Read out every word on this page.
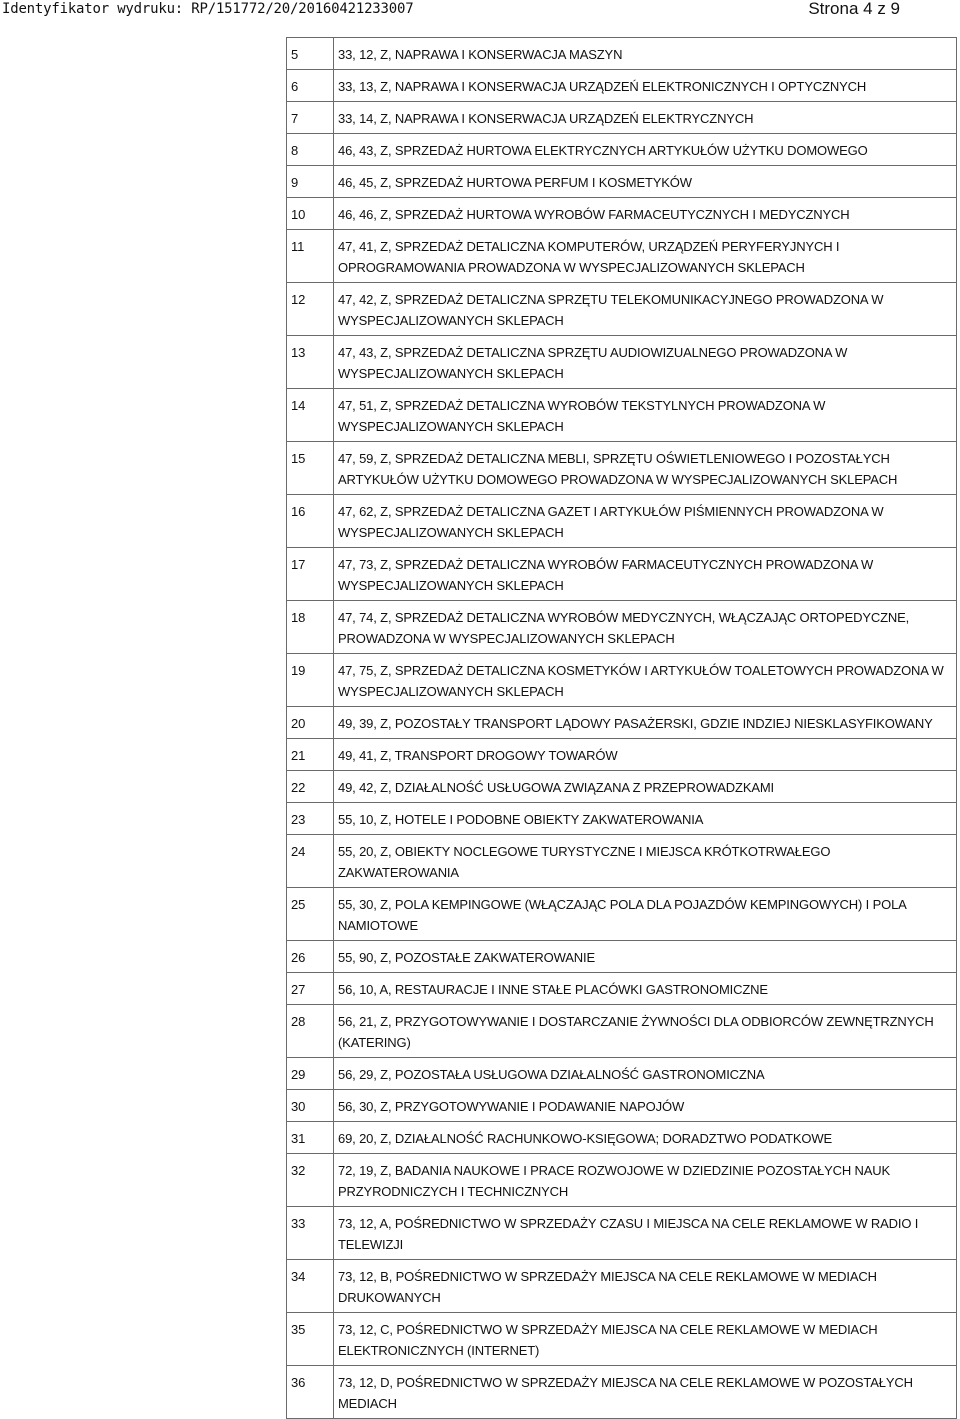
Identyfikator wydruku: RP/151772/20/20160421233007	Strona 4 z 9
5	33, 12, Z, NAPRAWA I KONSERWACJA MASZYN
6	33, 13, Z, NAPRAWA I KONSERWACJA URZĄDZEŃ ELEKTRONICZNYCH I OPTYCZNYCH
7	33, 14, Z, NAPRAWA I KONSERWACJA URZĄDZEŃ ELEKTRYCZNYCH
8	46, 43, Z, SPRZEDAŻ HURTOWA ELEKTRYCZNYCH ARTYKUŁÓW UŻYTKU DOMOWEGO
9	46, 45, Z, SPRZEDAŻ HURTOWA PERFUM I KOSMETYKÓW
10	46, 46, Z, SPRZEDAŻ HURTOWA WYROBÓW FARMACEUTYCZNYCH I MEDYCZNYCH
11	47, 41, Z, SPRZEDAŻ DETALICZNA KOMPUTERÓW, URZĄDZEŃ PERYFERYJNYCH I OPROGRAMOWANIA PROWADZONA W WYSPECJALIZOWANYCH SKLEPACH
12	47, 42, Z, SPRZEDAŻ DETALICZNA SPRZĘTU TELEKOMUNIKACYJNEGO PROWADZONA W WYSPECJALIZOWANYCH SKLEPACH
13	47, 43, Z, SPRZEDAŻ DETALICZNA SPRZĘTU AUDIOWIZUALNEGO PROWADZONA W WYSPECJALIZOWANYCH SKLEPACH
14	47, 51, Z, SPRZEDAŻ DETALICZNA WYROBÓW TEKSTYLNYCH PROWADZONA W WYSPECJALIZOWANYCH SKLEPACH
15	47, 59, Z, SPRZEDAŻ DETALICZNA MEBLI, SPRZĘTU OŚWIETLENIOWEGO I POZOSTAŁYCH ARTYKUŁÓW UŻYTKU DOMOWEGO PROWADZONA W WYSPECJALIZOWANYCH SKLEPACH
16	47, 62, Z, SPRZEDAŻ DETALICZNA GAZET I ARTYKUŁÓW PIŚMIENNYCH PROWADZONA W WYSPECJALIZOWANYCH SKLEPACH
17	47, 73, Z, SPRZEDAŻ DETALICZNA WYROBÓW FARMACEUTYCZNYCH PROWADZONA W WYSPECJALIZOWANYCH SKLEPACH
18	47, 74, Z, SPRZEDAŻ DETALICZNA WYROBÓW MEDYCZNYCH, WŁĄCZAJĄC ORTOPEDYCZNE, PROWADZONA W WYSPECJALIZOWANYCH SKLEPACH
19	47, 75, Z, SPRZEDAŻ DETALICZNA KOSMETYKÓW I ARTYKUŁÓW TOALETOWYCH PROWADZONA W WYSPECJALIZOWANYCH SKLEPACH
20	49, 39, Z, POZOSTAŁY TRANSPORT LĄDOWY PASAŻERSKI, GDZIE INDZIEJ NIESKLASYFIKOWANY
21	49, 41, Z, TRANSPORT DROGOWY TOWARÓW
22	49, 42, Z, DZIAŁALNOŚĆ USŁUGOWA ZWIĄZANA Z PRZEPROWADZKAMI
23	55, 10, Z, HOTELE I PODOBNE OBIEKTY ZAKWATEROWANIA
24	55, 20, Z, OBIEKTY NOCLEGOWE TURYSTYCZNE I MIEJSCA KRÓTKOTRWAŁEGO ZAKWATEROWANIA
25	55, 30, Z, POLA KEMPINGOWE (WŁĄCZAJĄC POLA DLA POJAZDÓW KEMPINGOWYCH) I POLA NAMIOTOWE
26	55, 90, Z, POZOSTAŁE ZAKWATEROWANIE
27	56, 10, A, RESTAURACJE I INNE STAŁE PLACÓWKI GASTRONOMICZNE
28	56, 21, Z, PRZYGOTOWYWANIE I DOSTARCZANIE ŻYWNOŚCI DLA ODBIORCÓW ZEWNĘTRZNYCH (KATERING)
29	56, 29, Z, POZOSTAŁA USŁUGOWA DZIAŁALNOŚĆ GASTRONOMICZNA
30	56, 30, Z, PRZYGOTOWYWANIE I PODAWANIE NAPOJÓW
31	69, 20, Z, DZIAŁALNOŚĆ RACHUNKOWO-KSIĘGOWA; DORADZTWO PODATKOWE
32	72, 19, Z, BADANIA NAUKOWE I PRACE ROZWOJOWE W DZIEDZINIE POZOSTAŁYCH NAUK PRZYRODNICZYCH I TECHNICZNYCH
33	73, 12, A, POŚREDNICTWO W SPRZEDAŻY CZASU I MIEJSCA NA CELE REKLAMOWE W RADIO I TELEWIZJI
34	73, 12, B, POŚREDNICTWO W SPRZEDAŻY MIEJSCA NA CELE REKLAMOWE W MEDIACH DRUKOWANYCH
35	73, 12, C, POŚREDNICTWO W SPRZEDAŻY MIEJSCA NA CELE REKLAMOWE W MEDIACH ELEKTRONICZNYCH (INTERNET)
36	73, 12, D, POŚREDNICTWO W SPRZEDAŻY MIEJSCA NA CELE REKLAMOWE W POZOSTAŁYCH MEDIACH
